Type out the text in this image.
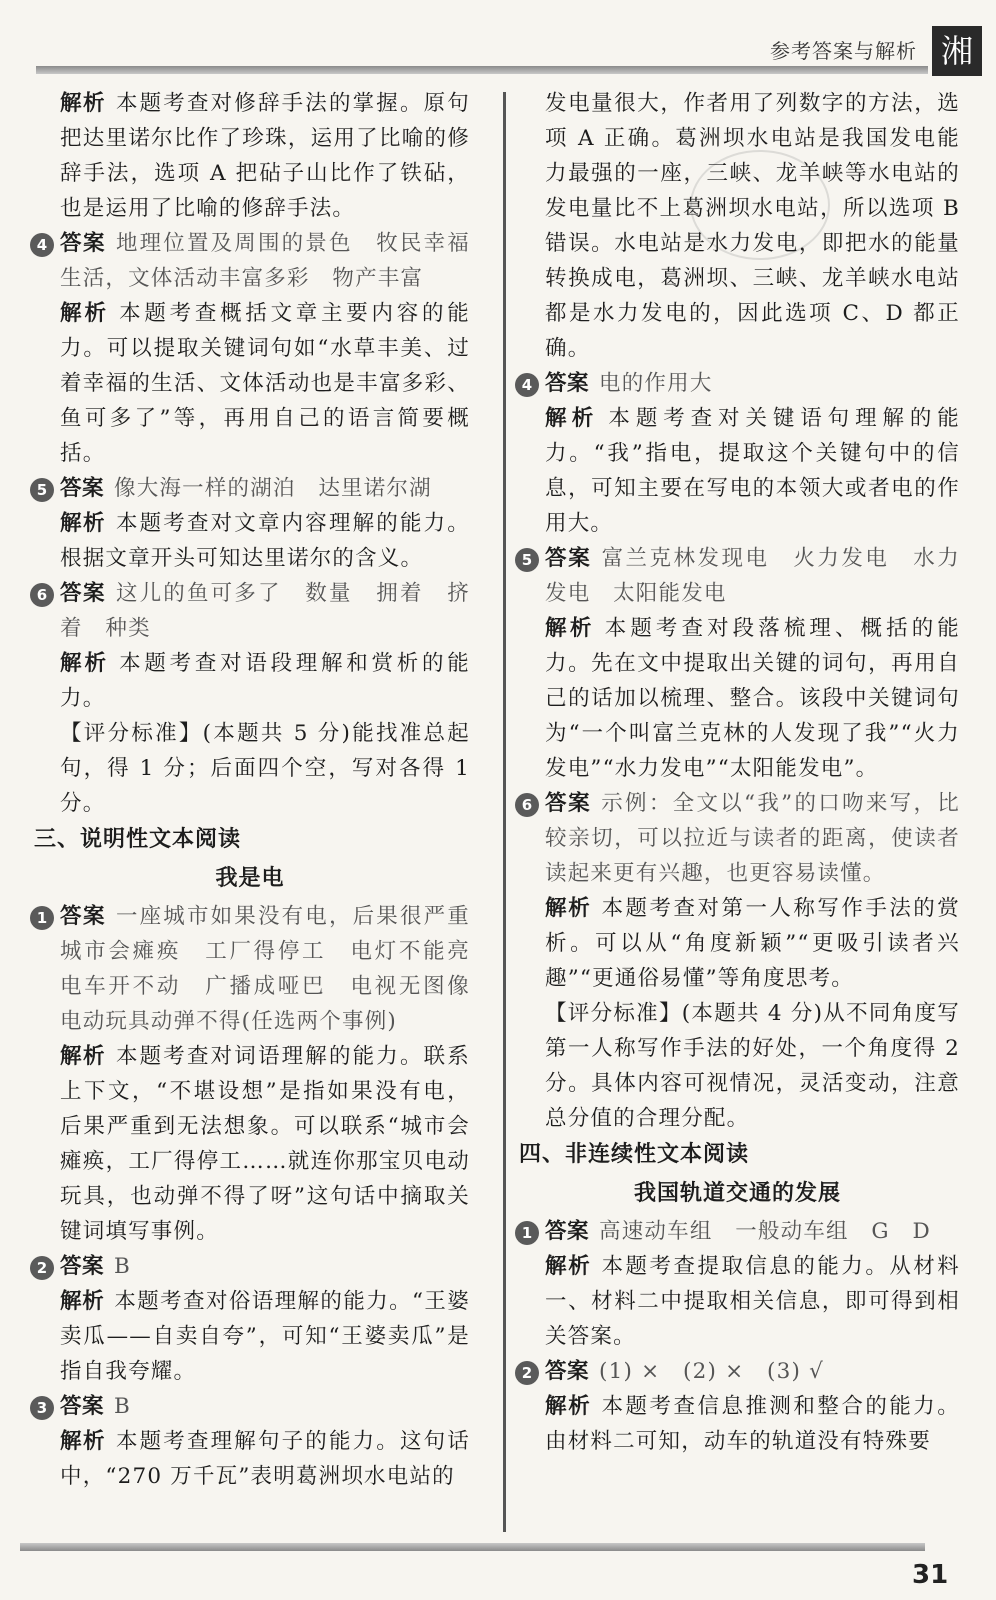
参考答案与解析 湘
解析 本题考查对修辞手法的掌握。原句把达里诺尔比作了珍珠，运用了比喻的修辞手法，选项 A 把砧子山比作了铁砧，也是运用了比喻的修辞手法。
4 答案 地理位置及周围的景色　牧民幸福生活，文体活动丰富多彩　物产丰富
解析 本题考查概括文章主要内容的能力。可以提取关键词句如“水草丰美、过着幸福的生活、文体活动也是丰富多彩、鱼可多了”等，再用自己的语言简要概括。
5 答案 像大海一样的湖泊　达里诺尔湖
解析 本题考查对文章内容理解的能力。根据文章开头可知达里诺尔的含义。
6 答案 这儿的鱼可多了　数量　拥着　挤着　种类
解析 本题考查对语段理解和赏析的能力。
【评分标准】(本题共 5 分)能找准总起句，得 1 分；后面四个空，写对各得 1 分。
三、说明性文本阅读
我是电
1 答案 一座城市如果没有电，后果很严重　城市会瘫痪　工厂得停工　电灯不能亮　电车开不动　广播成哑巴　电视无图像　电动玩具动弹不得(任选两个事例)
解析 本题考查对词语理解的能力。联系上下文，“不堪设想”是指如果没有电，后果严重到无法想象。可以联系“城市会瘫痪，工厂得停工……就连你那宝贝电动玩具，也动弹不得了呀”这句话中摘取关键词填写事例。
2 答案 B
解析 本题考查对俗语理解的能力。“王婆卖瓜——自卖自夸”，可知“王婆卖瓜”是指自我夸耀。
3 答案 B
解析 本题考查理解句子的能力。这句话中，“270 万千瓦”表明葛洲坝水电站的
发电量很大，作者用了列数字的方法，选项 A 正确。葛洲坝水电站是我国发电能力最强的一座，三峡、龙羊峡等水电站的发电量比不上葛洲坝水电站，所以选项 B 错误。水电站是水力发电，即把水的能量转换成电，葛洲坝、三峡、龙羊峡水电站都是水力发电的，因此选项 C、D 都正确。
4 答案 电的作用大
解析 本题考查对关键语句理解的能力。“我”指电，提取这个关键句中的信息，可知主要在写电的本领大或者电的作用大。
5 答案 富兰克林发现电　火力发电　水力发电　太阳能发电
解析 本题考查对段落梳理、概括的能力。先在文中提取出关键的词句，再用自己的话加以梳理、整合。该段中关键词句为“一个叫富兰克林的人发现了我”“火力发电”“水力发电”“太阳能发电”。
6 答案 示例：全文以“我”的口吻来写，比较亲切，可以拉近与读者的距离，使读者读起来更有兴趣，也更容易读懂。
解析 本题考查对第一人称写作手法的赏析。可以从“角度新颖”“更吸引读者兴趣”“更通俗易懂”等角度思考。
【评分标准】(本题共 4 分)从不同角度写第一人称写作手法的好处，一个角度得 2 分。具体内容可视情况，灵活变动，注意总分值的合理分配。
四、非连续性文本阅读
我国轨道交通的发展
1 答案 高速动车组　一般动车组　G　D
解析 本题考查提取信息的能力。从材料一、材料二中提取相关信息，即可得到相关答案。
2 答案 (1) ×　(2) ×　(3) √
解析 本题考查信息推测和整合的能力。由材料二可知，动车的轨道没有特殊要
31
